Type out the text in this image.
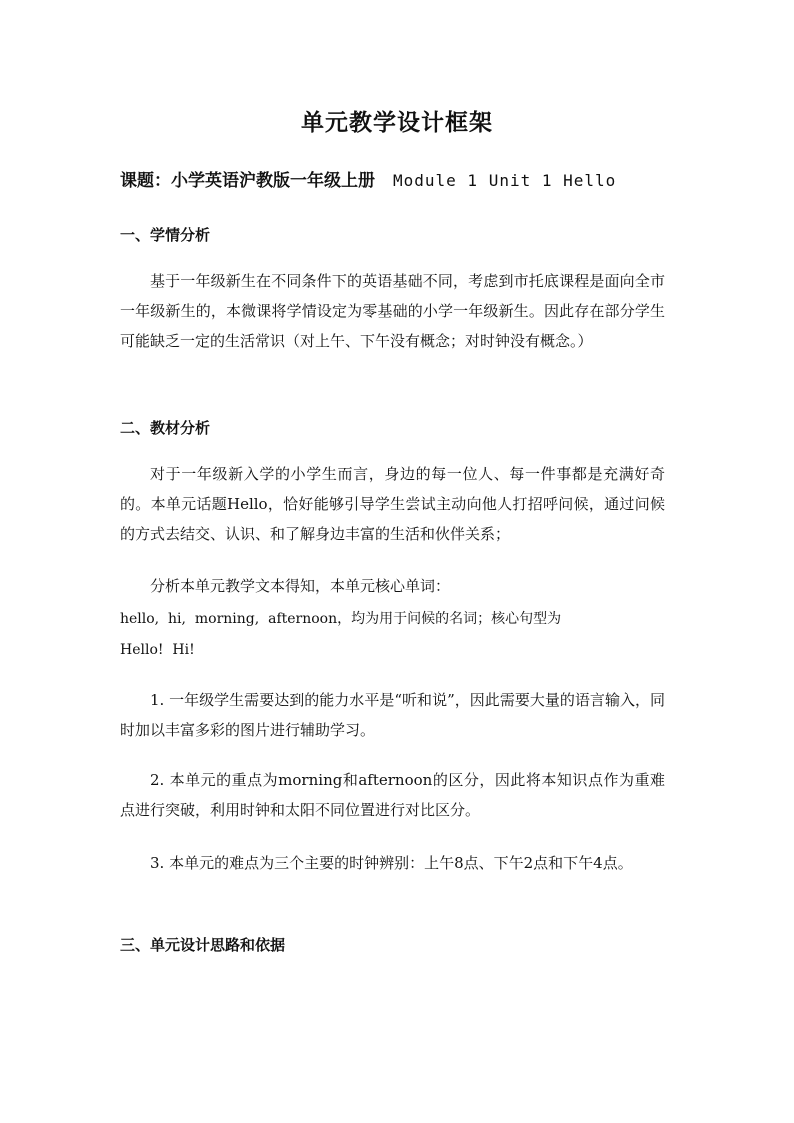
单元教学设计框架
课题：小学英语沪教版一年级上册 Module 1 Unit 1 Hello
一、学情分析

基于一年级新生在不同条件下的英语基础不同，考虑到市托底课程是面向全市一年级新生的，本微课将学情设定为零基础的小学一年级新生。因此存在部分学生可能缺乏一定的生活常识（对上午、下午没有概念；对时钟没有概念。）

二、教材分析

对于一年级新入学的小学生而言，身边的每一位人、每一件事都是充满好奇的。本单元话题Hello，恰好能够引导学生尝试主动向他人打招呼问候，通过问候的方式去结交、认识、和了解身边丰富的生活和伙伴关系；

分析本单元教学文本得知，本单元核心单词：

hello,  hi,  morning,  afternoon，均为用于问候的名词；核心句型为

Hello!  Hi!

1. 一年级学生需要达到的能力水平是“听和说”，因此需要大量的语言输入，同时加以丰富多彩的图片进行辅助学习。

2. 本单元的重点为morning和afternoon的区分，因此将本知识点作为重难点进行突破，利用时钟和太阳不同位置进行对比区分。

3. 本单元的难点为三个主要的时钟辨别：上午8点、下午2点和下午4点。

三、单元设计思路和依据
